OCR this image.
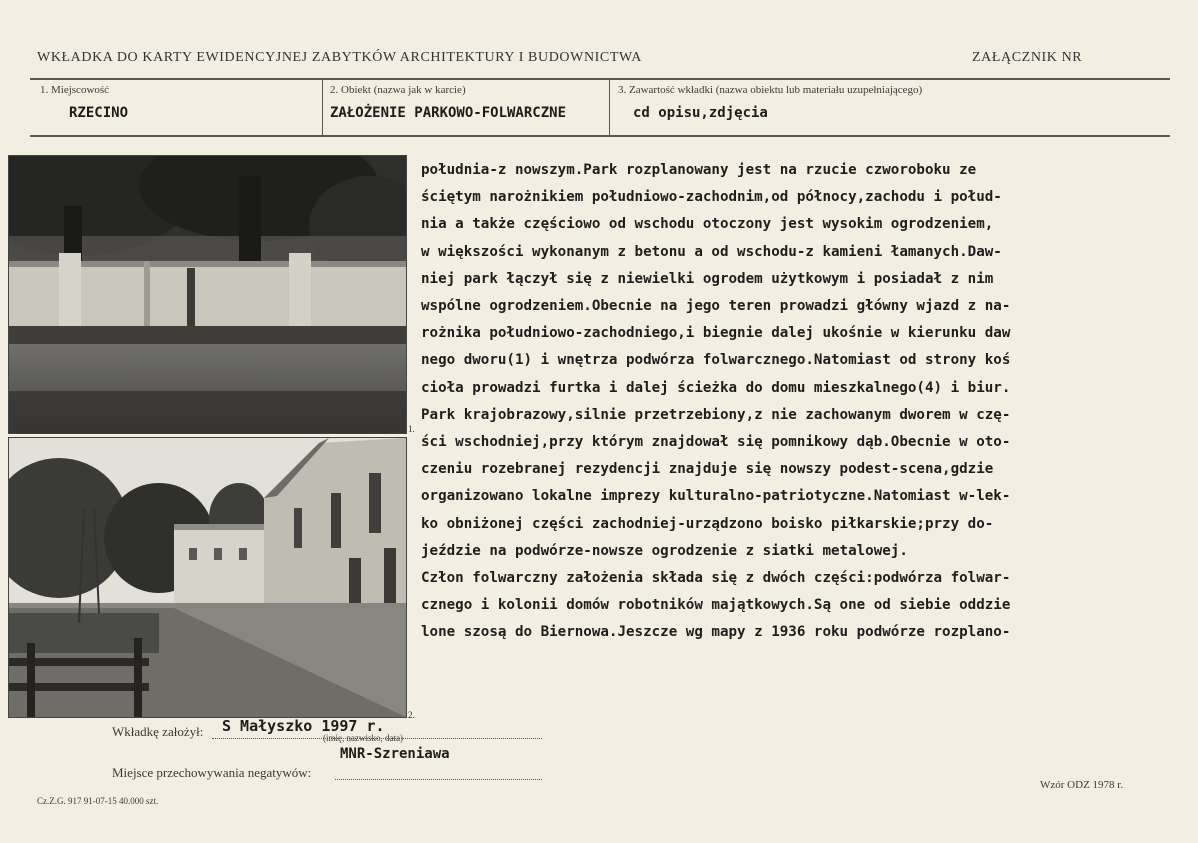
WKŁADKA DO KARTY EWIDENCYJNEJ ZABYTKÓW ARCHITEKTURY I BUDOWNICTWA	ZAŁĄCZNIK NR
1. Miejscowość
RZECINO
2. Obiekt (nazwa jak w karcie)
ZAŁOŻENIE PARKOWO-FOLWARCZNE
3. Zawartość wkładki (nazwa obiektu lub materiału uzupełniającego)
cd opisu,zdjęcia
1.
2.
południa-z nowszym.Park rozplanowany jest na rzucie czworoboku ze
ściętym narożnikiem południowo-zachodnim,od północy,zachodu i połud-
nia a także częściowo od wschodu otoczony jest wysokim ogrodzeniem,
w większości wykonanym z betonu a od wschodu-z kamieni łamanych.Daw-
niej park łączył się z niewielki ogrodem użytkowym i posiadał z nim
wspólne ogrodzeniem.Obecnie na jego teren prowadzi główny wjazd z na-
rożnika południowo-zachodniego,i biegnie dalej ukośnie w kierunku daw
nego dworu(1) i wnętrza podwórza folwarcznego.Natomiast od strony koś
cioła prowadzi furtka i dalej ścieżka do domu mieszkalnego(4) i biur.
Park krajobrazowy,silnie przetrzebiony,z nie zachowanym dworem w czę-
ści wschodniej,przy którym znajdował się pomnikowy dąb.Obecnie w oto-
czeniu rozebranej rezydencji znajduje się nowszy podest-scena,gdzie
organizowano lokalne imprezy kulturalno-patriotyczne.Natomiast w-lek-
ko obniżonej części zachodniej-urządzono boisko piłkarskie;przy do-
jeździe na podwórze-nowsze ogrodzenie z siatki metalowej.
Człon folwarczny założenia składa się z dwóch części:podwórza folwar-
cznego i kolonii domów robotników majątkowych.Są one od siebie oddzie
lone szosą do Biernowa.Jeszcze wg mapy z 1936 roku podwórze rozplano-
Wkładkę założył: S Małyszko 1997 r.
(imię, nazwisko, data)
MNR-Szreniawa
Miejsce przechowywania negatywów:
Cz.Z.G. 917 91-07-15 40.000 szt.
Wzór ODZ 1978 r.
